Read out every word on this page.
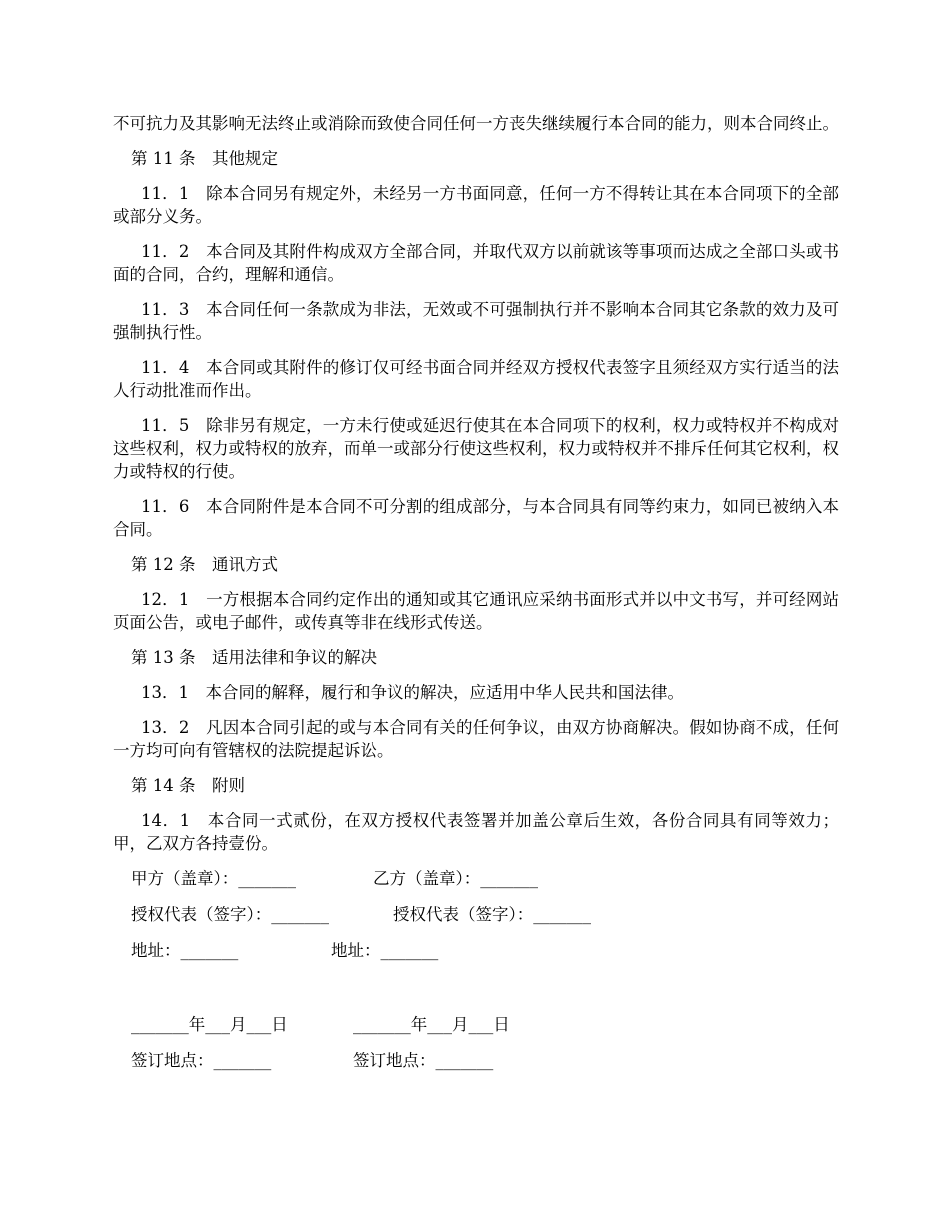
不可抗力及其影响无法终止或消除而致使合同任何一方丧失继续履行本合同的能力，则本合同终止。

第 11 条　其他规定

11．1　除本合同另有规定外，未经另一方书面同意，任何一方不得转让其在本合同项下的全部或部分义务。

11．2　本合同及其附件构成双方全部合同，并取代双方以前就该等事项而达成之全部口头或书面的合同，合约，理解和通信。

11．3　本合同任何一条款成为非法，无效或不可强制执行并不影响本合同其它条款的效力及可强制执行性。

11．4　本合同或其附件的修订仅可经书面合同并经双方授权代表签字且须经双方实行适当的法人行动批准而作出。

11．5　除非另有规定，一方未行使或延迟行使其在本合同项下的权利，权力或特权并不构成对这些权利，权力或特权的放弃，而单一或部分行使这些权利，权力或特权并不排斥任何其它权利，权力或特权的行使。

11．6　本合同附件是本合同不可分割的组成部分，与本合同具有同等约束力，如同已被纳入本合同。

第 12 条　通讯方式

12．1　一方根据本合同约定作出的通知或其它通讯应采纳书面形式并以中文书写，并可经网站页面公告，或电子邮件，或传真等非在线形式传送。

第 13 条　适用法律和争议的解决

13．1　本合同的解释，履行和争议的解决，应适用中华人民共和国法律。

13．2　凡因本合同引起的或与本合同有关的任何争议，由双方协商解决。假如协商不成，任何一方均可向有管辖权的法院提起诉讼。

第 14 条　附则

14．1　本合同一式贰份，在双方授权代表签署并加盖公章后生效，各份合同具有同等效力；甲，乙双方各持壹份。

甲方（盖章）：_______	乙方（盖章）：_______
授权代表（签字）：_______	授权代表（签字）：_______
地址：_______	地址：_______
_______年___月___日	_______年___月___日
签订地点：_______	签订地点：_______
